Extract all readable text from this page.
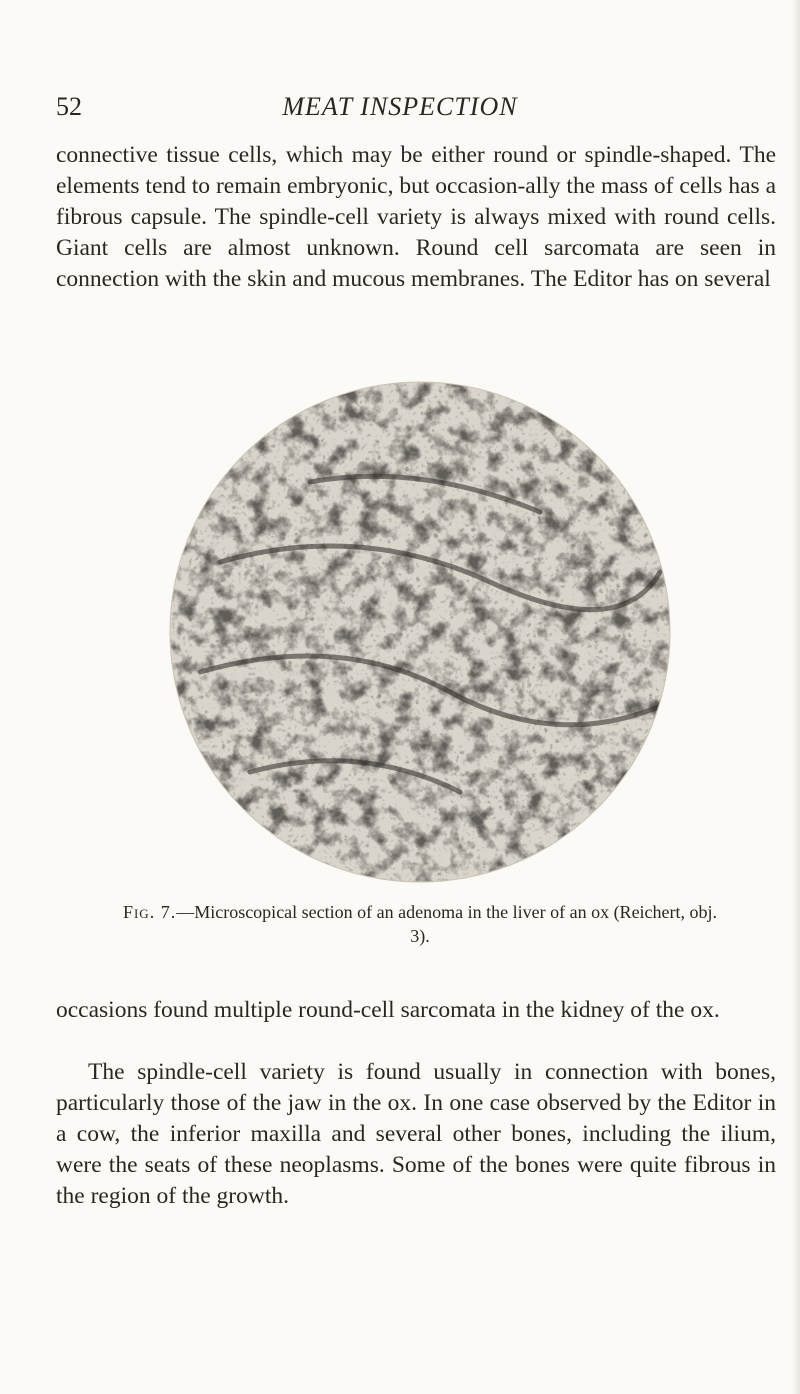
52	MEAT INSPECTION

connective tissue cells, which may be either round or spindle-shaped. The elements tend to remain embryonic, but occasion-ally the mass of cells has a fibrous capsule. The spindle-cell variety is always mixed with round cells. Giant cells are almost unknown. Round cell sarcomata are seen in connection with the skin and mucous membranes. The Editor has on several

Fig. 7.—Microscopical section of an adenoma in the liver of an ox (Reichert, obj. 3).

occasions found multiple round-cell sarcomata in the kidney of the ox.

The spindle-cell variety is found usually in connection with bones, particularly those of the jaw in the ox. In one case observed by the Editor in a cow, the inferior maxilla and several other bones, including the ilium, were the seats of these neoplasms. Some of the bones were quite fibrous in the region of the growth.
